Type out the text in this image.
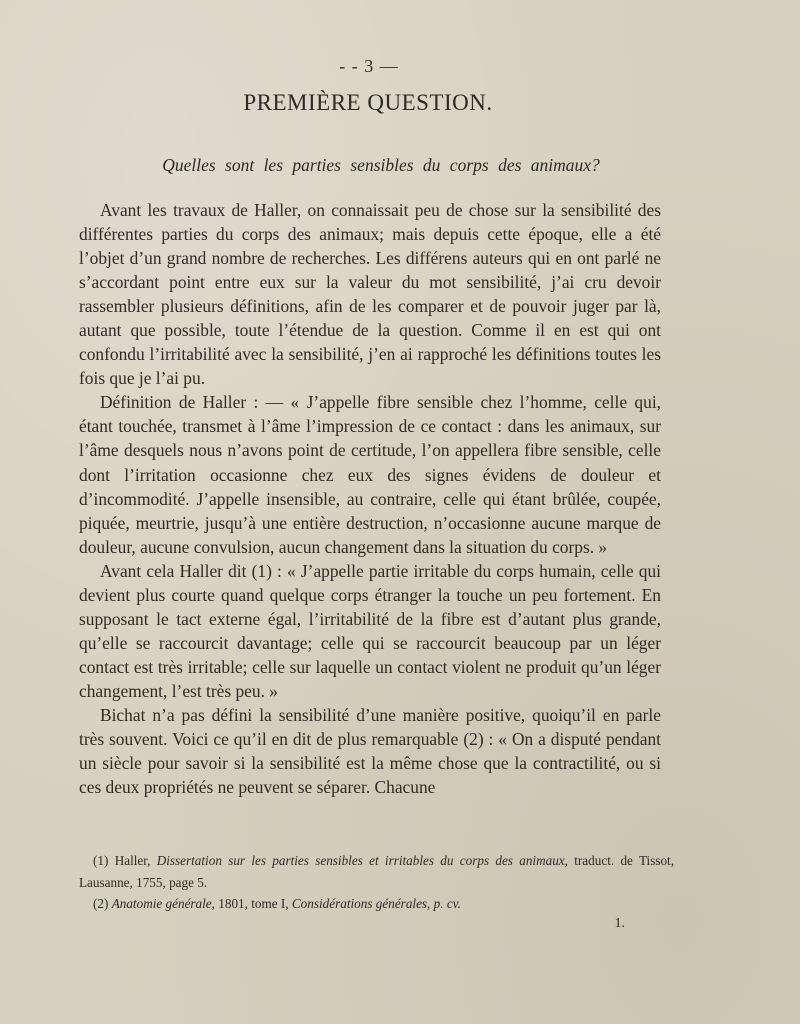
- - 3 —
PREMIÈRE QUESTION.
Quelles sont les parties sensibles du corps des animaux?

Avant les travaux de Haller, on connaissait peu de chose sur la sensibilité des différentes parties du corps des animaux; mais depuis cette époque, elle a été l’objet d’un grand nombre de recherches. Les différens auteurs qui en ont parlé ne s’accordant point entre eux sur la valeur du mot sensibilité, j’ai cru devoir rassembler plusieurs définitions, afin de les comparer et de pouvoir juger par là, autant que possible, toute l’étendue de la question. Comme il en est qui ont confondu l’irritabilité avec la sensibilité, j’en ai rapproché les définitions toutes les fois que je l’ai pu.

Définition de Haller : — « J’appelle fibre sensible chez l’homme, celle qui, étant touchée, transmet à l’âme l’impression de ce contact : dans les animaux, sur l’âme desquels nous n’avons point de certitude, l’on appellera fibre sensible, celle dont l’irritation occasionne chez eux des signes évidens de douleur et d’incommodité. J’appelle insensible, au contraire, celle qui étant brûlée, coupée, piquée, meurtrie, jusqu’à une entière destruction, n’occasionne aucune marque de douleur, aucune convulsion, aucun changement dans la situation du corps. »

Avant cela Haller dit (1) : « J’appelle partie irritable du corps humain, celle qui devient plus courte quand quelque corps étranger la touche un peu fortement. En supposant le tact externe égal, l’irritabilité de la fibre est d’autant plus grande, qu’elle se raccourcit davantage; celle qui se raccourcit beaucoup par un léger contact est très irritable; celle sur laquelle un contact violent ne produit qu’un léger changement, l’est très peu. »

Bichat n’a pas défini la sensibilité d’une manière positive, quoiqu’il en parle très souvent. Voici ce qu’il en dit de plus remarquable (2) : « On a disputé pendant un siècle pour savoir si la sensibilité est la même chose que la contractilité, ou si ces deux propriétés ne peuvent se séparer. Chacune

(1) Haller, Dissertation sur les parties sensibles et irritables du corps des animaux, traduct. de Tissot, Lausanne, 1755, page 5.

(2) Anatomie générale, 1801, tome I, Considérations générales, p. cv.

1.
